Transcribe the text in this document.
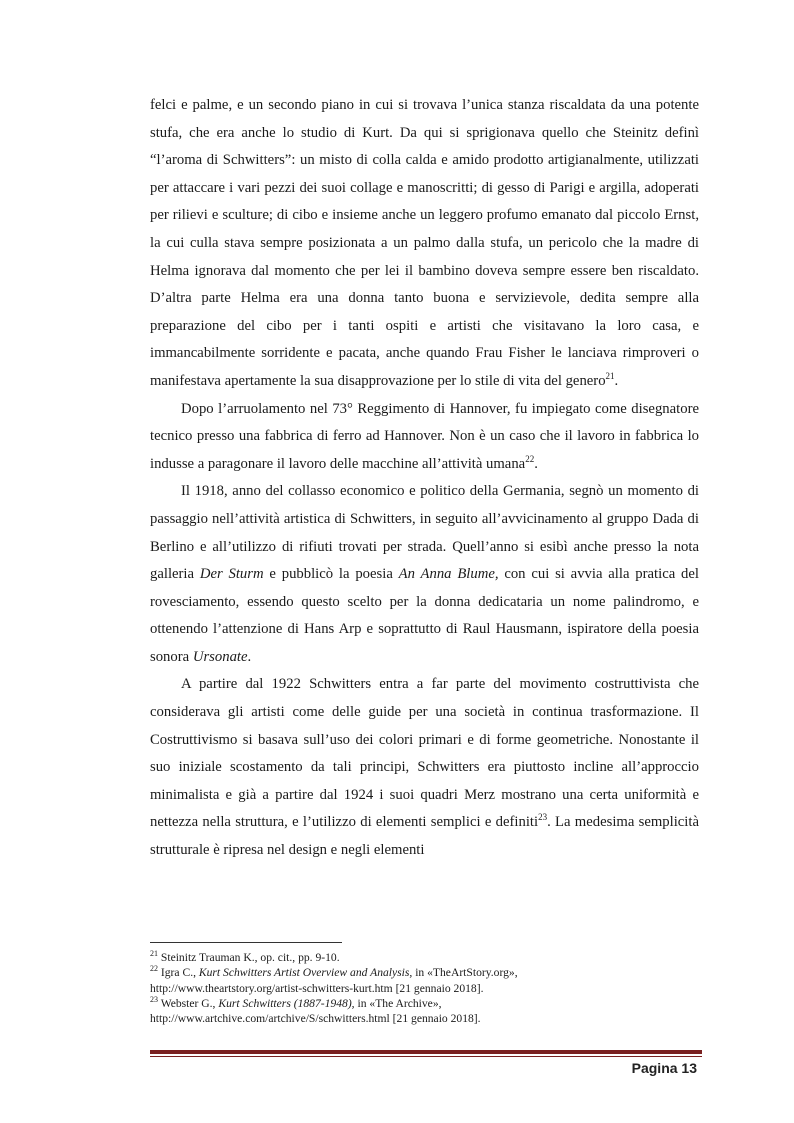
felci e palme, e un secondo piano in cui si trovava l’unica stanza riscaldata da una potente stufa, che era anche lo studio di Kurt. Da qui si sprigionava quello che Steinitz definì “l’aroma di Schwitters”: un misto di colla calda e amido prodotto artigianalmente, utilizzati per attaccare i vari pezzi dei suoi collage e manoscritti; di gesso di Parigi e argilla, adoperati per rilievi e sculture; di cibo e insieme anche un leggero profumo emanato dal piccolo Ernst, la cui culla stava sempre posizionata a un palmo dalla stufa, un pericolo che la madre di Helma ignorava dal momento che per lei il bambino doveva sempre essere ben riscaldato. D’altra parte Helma era una donna tanto buona e servizievole, dedita sempre alla preparazione del cibo per i tanti ospiti e artisti che visitavano la loro casa, e immancabilmente sorridente e pacata, anche quando Frau Fisher le lanciava rimproveri o manifestava apertamente la sua disapprovazione per lo stile di vita del genero$^{21}$.

Dopo l’arruolamento nel 73° Reggimento di Hannover, fu impiegato come disegnatore tecnico presso una fabbrica di ferro ad Hannover. Non è un caso che il lavoro in fabbrica lo indusse a paragonare il lavoro delle macchine all’attività umana$^{22}$.

Il 1918, anno del collasso economico e politico della Germania, segnò un momento di passaggio nell’attività artistica di Schwitters, in seguito all’avvicinamento al gruppo Dada di Berlino e all’utilizzo di rifiuti trovati per strada. Quell’anno si esibì anche presso la nota galleria Der Sturm e pubblicò la poesia An Anna Blume, con cui si avvia alla pratica del rovesciamento, essendo questo scelto per la donna dedicataria un nome palindromo, e ottenendo l’attenzione di Hans Arp e soprattutto di Raul Hausmann, ispiratore della poesia sonora Ursonate.

A partire dal 1922 Schwitters entra a far parte del movimento costruttivista che considerava gli artisti come delle guide per una società in continua trasformazione. Il Costruttivismo si basava sull’uso dei colori primari e di forme geometriche. Nonostante il suo iniziale scostamento da tali principi, Schwitters era piuttosto incline all’approccio minimalista e già a partire dal 1924 i suoi quadri Merz mostrano una certa uniformità e nettezza nella struttura, e l’utilizzo di elementi semplici e definiti$^{23}$. La medesima semplicità strutturale è ripresa nel design e negli elementi

$^{21}$ Steinitz Trauman K., op. cit., pp. 9-10.

$^{22}$ Igra C., Kurt Schwitters Artist Overview and Analysis, in «TheArtStory.org»,

http://www.theartstory.org/artist-schwitters-kurt.htm [21 gennaio 2018].

$^{23}$ Webster G., Kurt Schwitters (1887-1948), in «The Archive»,

http://www.artchive.com/artchive/S/schwitters.html [21 gennaio 2018].

Pagina 13
